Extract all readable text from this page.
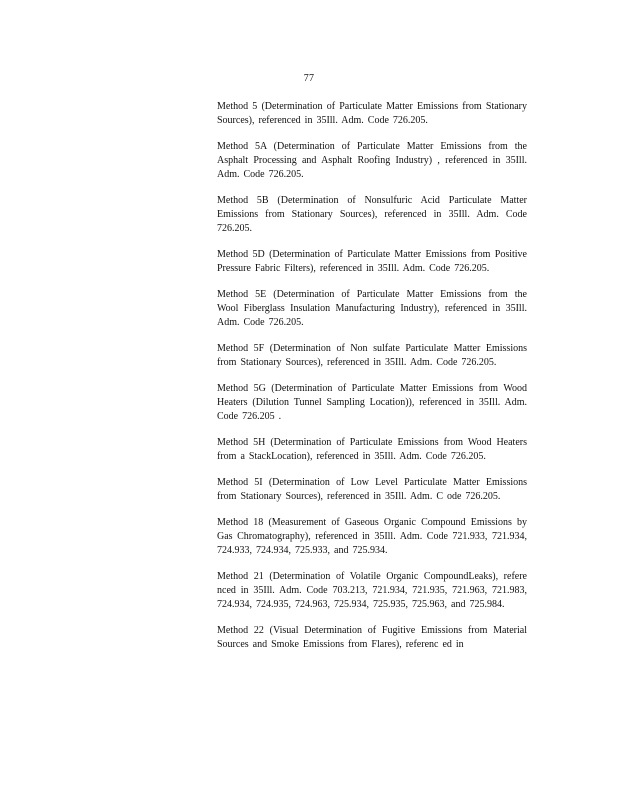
77

Method 5 (Determination of Particulate Matter Emissions from Stationary Sources), referenced in 35Ill. Adm. Code 726.205.

Method 5A (Determination of Particulate Matter Emissions from the Asphalt Processing and Asphalt Roofing Industry) , referenced in 35Ill. Adm. Code 726.205.

Method 5B (Determination of Nonsulfuric Acid Particulate Matter Emissions from Stationary Sources), referenced in 35Ill. Adm. Code 726.205.

Method 5D (Determination of Particulate Matter Emissions from Positive Pressure Fabric Filters), referenced in 35Ill. Adm. Code 726.205.

Method 5E (Determination of Particulate Matter Emissions from the Wool Fiberglass Insulation Manufacturing Industry), referenced in 35Ill. Adm. Code 726.205.

Method 5F (Determination of Non sulfate Particulate Matter Emissions from Stationary Sources), referenced in 35Ill. Adm. Code 726.205.

Method 5G (Determination of Particulate Matter Emissions from Wood Heaters (Dilution Tunnel Sampling Location)), referenced in 35Ill. Adm. Code 726.205 .

Method 5H (Determination of Particulate Emissions from Wood Heaters from a StackLocation), referenced in 35Ill. Adm. Code 726.205.

Method 5I (Determination of Low Level Particulate Matter Emissions from Stationary Sources), referenced in 35Ill. Adm. C ode 726.205.

Method 18 (Measurement of Gaseous Organic Compound Emissions by Gas Chromatography), referenced in 35Ill. Adm. Code 721.933, 721.934, 724.933, 724.934, 725.933, and 725.934.

Method 21 (Determination of Volatile Organic CompoundLeaks), refere nced in 35Ill. Adm. Code 703.213, 721.934, 721.935, 721.963, 721.983, 724.934, 724.935, 724.963, 725.934, 725.935, 725.963, and 725.984.

Method 22 (Visual Determination of Fugitive Emissions from Material Sources and Smoke Emissions from Flares), referenc ed in
